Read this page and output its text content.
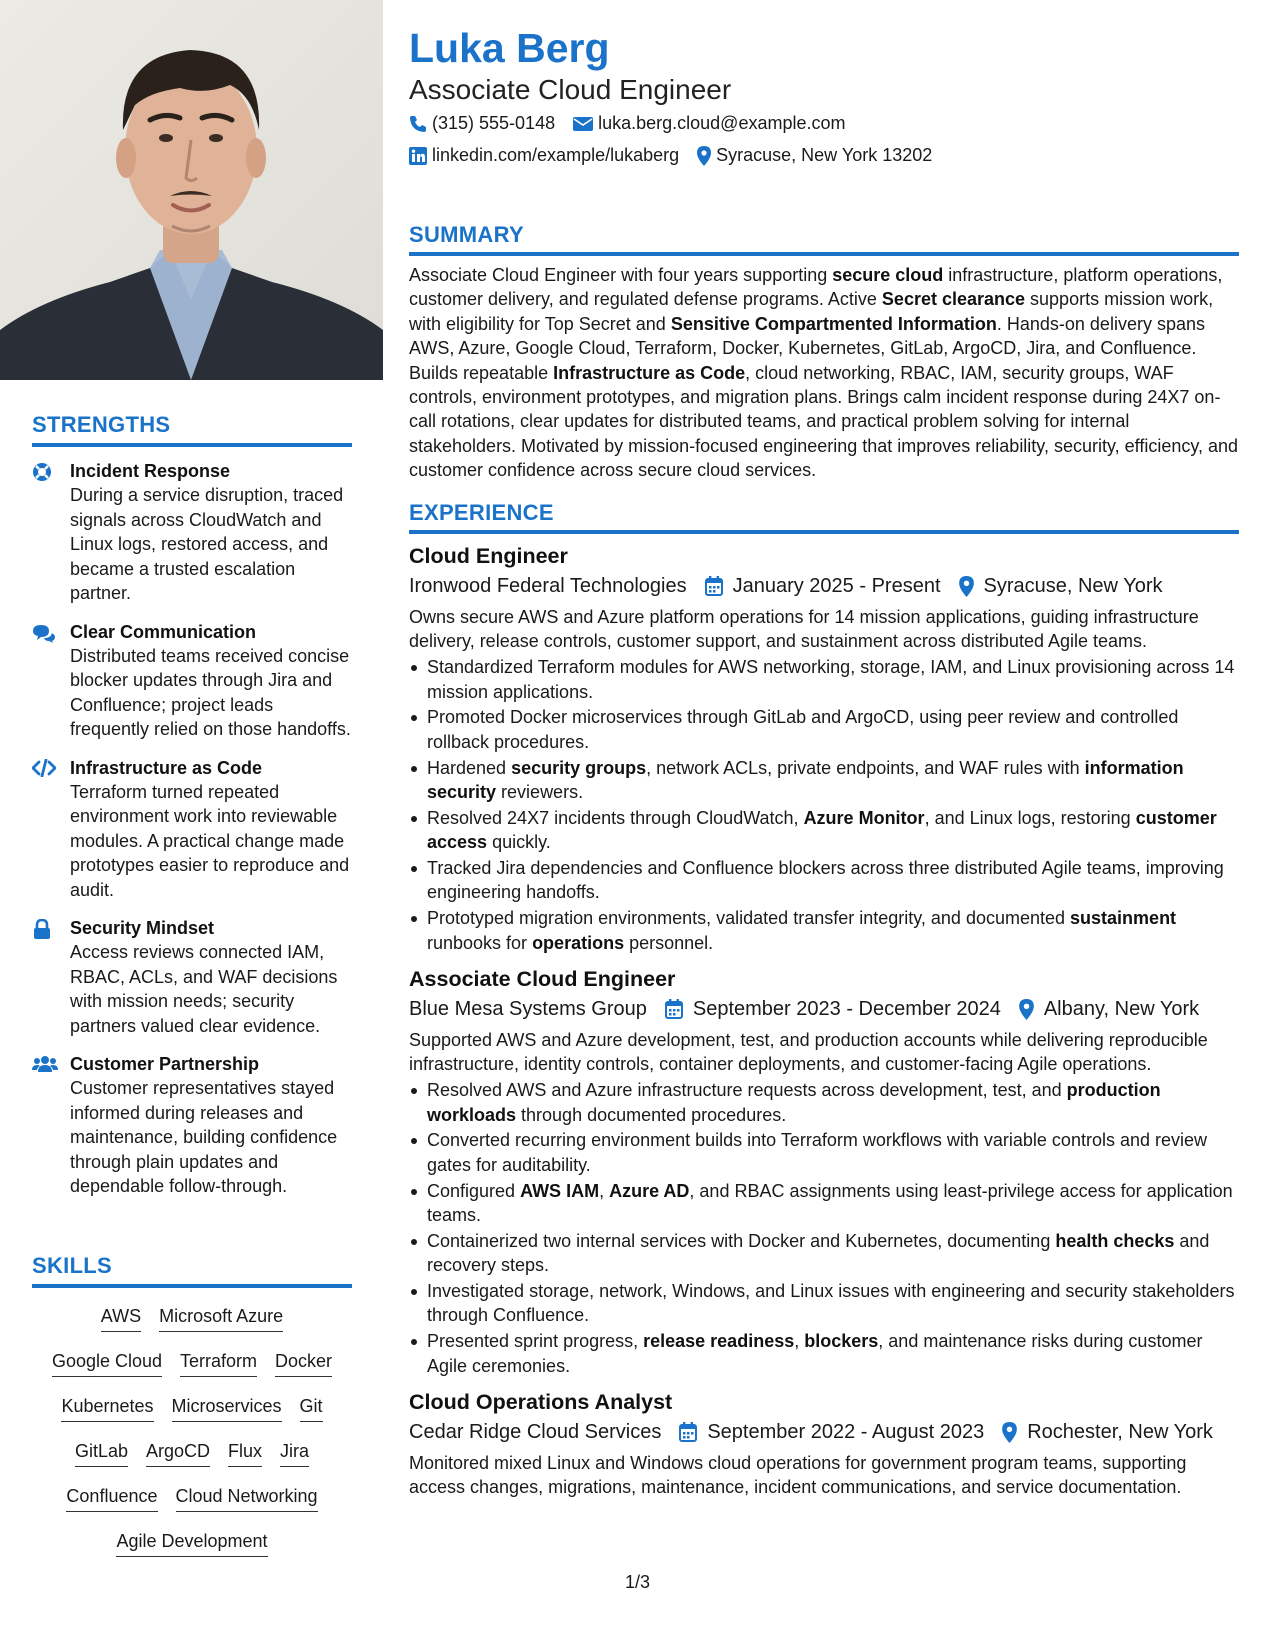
STRENGTHS
Incident Response
During a service disruption, traced signals across CloudWatch and Linux logs, restored access, and became a trusted escalation partner.
Clear Communication
Distributed teams received concise blocker updates through Jira and Confluence; project leads frequently relied on those handoffs.
Infrastructure as Code
Terraform turned repeated environment work into reviewable modules. A practical change made prototypes easier to reproduce and audit.
Security Mindset
Access reviews connected IAM, RBAC, ACLs, and WAF decisions with mission needs; security partners valued clear evidence.
Customer Partnership
Customer representatives stayed informed during releases and maintenance, building confidence through plain updates and dependable follow-through.
SKILLS
AWS Microsoft Azure
Google Cloud Terraform Docker
Kubernetes Microservices Git
GitLab ArgoCD Flux Jira
Confluence Cloud Networking
Agile Development
Luka Berg
Associate Cloud Engineer
(315) 555-0148 luka.berg.cloud@example.com
linkedin.com/example/lukaberg Syracuse, New York 13202
SUMMARY

Associate Cloud Engineer with four years supporting secure cloud infrastructure, platform operations, customer delivery, and regulated defense programs. Active Secret clearance supports mission work, with eligibility for Top Secret and Sensitive Compartmented Information. Hands-on delivery spans AWS, Azure, Google Cloud, Terraform, Docker, Kubernetes, GitLab, ArgoCD, Jira, and Confluence. Builds repeatable Infrastructure as Code, cloud networking, RBAC, IAM, security groups, WAF controls, environment prototypes, and migration plans. Brings calm incident response during 24X7 on-call rotations, clear updates for distributed teams, and practical problem solving for internal stakeholders. Motivated by mission-focused engineering that improves reliability, security, efficiency, and customer confidence across secure cloud services.

EXPERIENCE
Cloud Engineer
Ironwood Federal Technologies January 2025 - Present Syracuse, New York
Owns secure AWS and Azure platform operations for 14 mission applications, guiding infrastructure delivery, release controls, customer support, and sustainment across distributed Agile teams.
Standardized Terraform modules for AWS networking, storage, IAM, and Linux provisioning across 14 mission applications.
Promoted Docker microservices through GitLab and ArgoCD, using peer review and controlled rollback procedures.
Hardened security groups, network ACLs, private endpoints, and WAF rules with information security reviewers.
Resolved 24X7 incidents through CloudWatch, Azure Monitor, and Linux logs, restoring customer access quickly.
Tracked Jira dependencies and Confluence blockers across three distributed Agile teams, improving engineering handoffs.
Prototyped migration environments, validated transfer integrity, and documented sustainment runbooks for operations personnel.
Associate Cloud Engineer
Blue Mesa Systems Group September 2023 - December 2024 Albany, New York
Supported AWS and Azure development, test, and production accounts while delivering reproducible infrastructure, identity controls, container deployments, and customer-facing Agile operations.
Resolved AWS and Azure infrastructure requests across development, test, and production workloads through documented procedures.
Converted recurring environment builds into Terraform workflows with variable controls and review gates for auditability.
Configured AWS IAM, Azure AD, and RBAC assignments using least-privilege access for application teams.
Containerized two internal services with Docker and Kubernetes, documenting health checks and recovery steps.
Investigated storage, network, Windows, and Linux issues with engineering and security stakeholders through Confluence.
Presented sprint progress, release readiness, blockers, and maintenance risks during customer Agile ceremonies.
Cloud Operations Analyst
Cedar Ridge Cloud Services September 2022 - August 2023 Rochester, New York
Monitored mixed Linux and Windows cloud operations for government program teams, supporting access changes, migrations, maintenance, incident communications, and service documentation.
1/3
